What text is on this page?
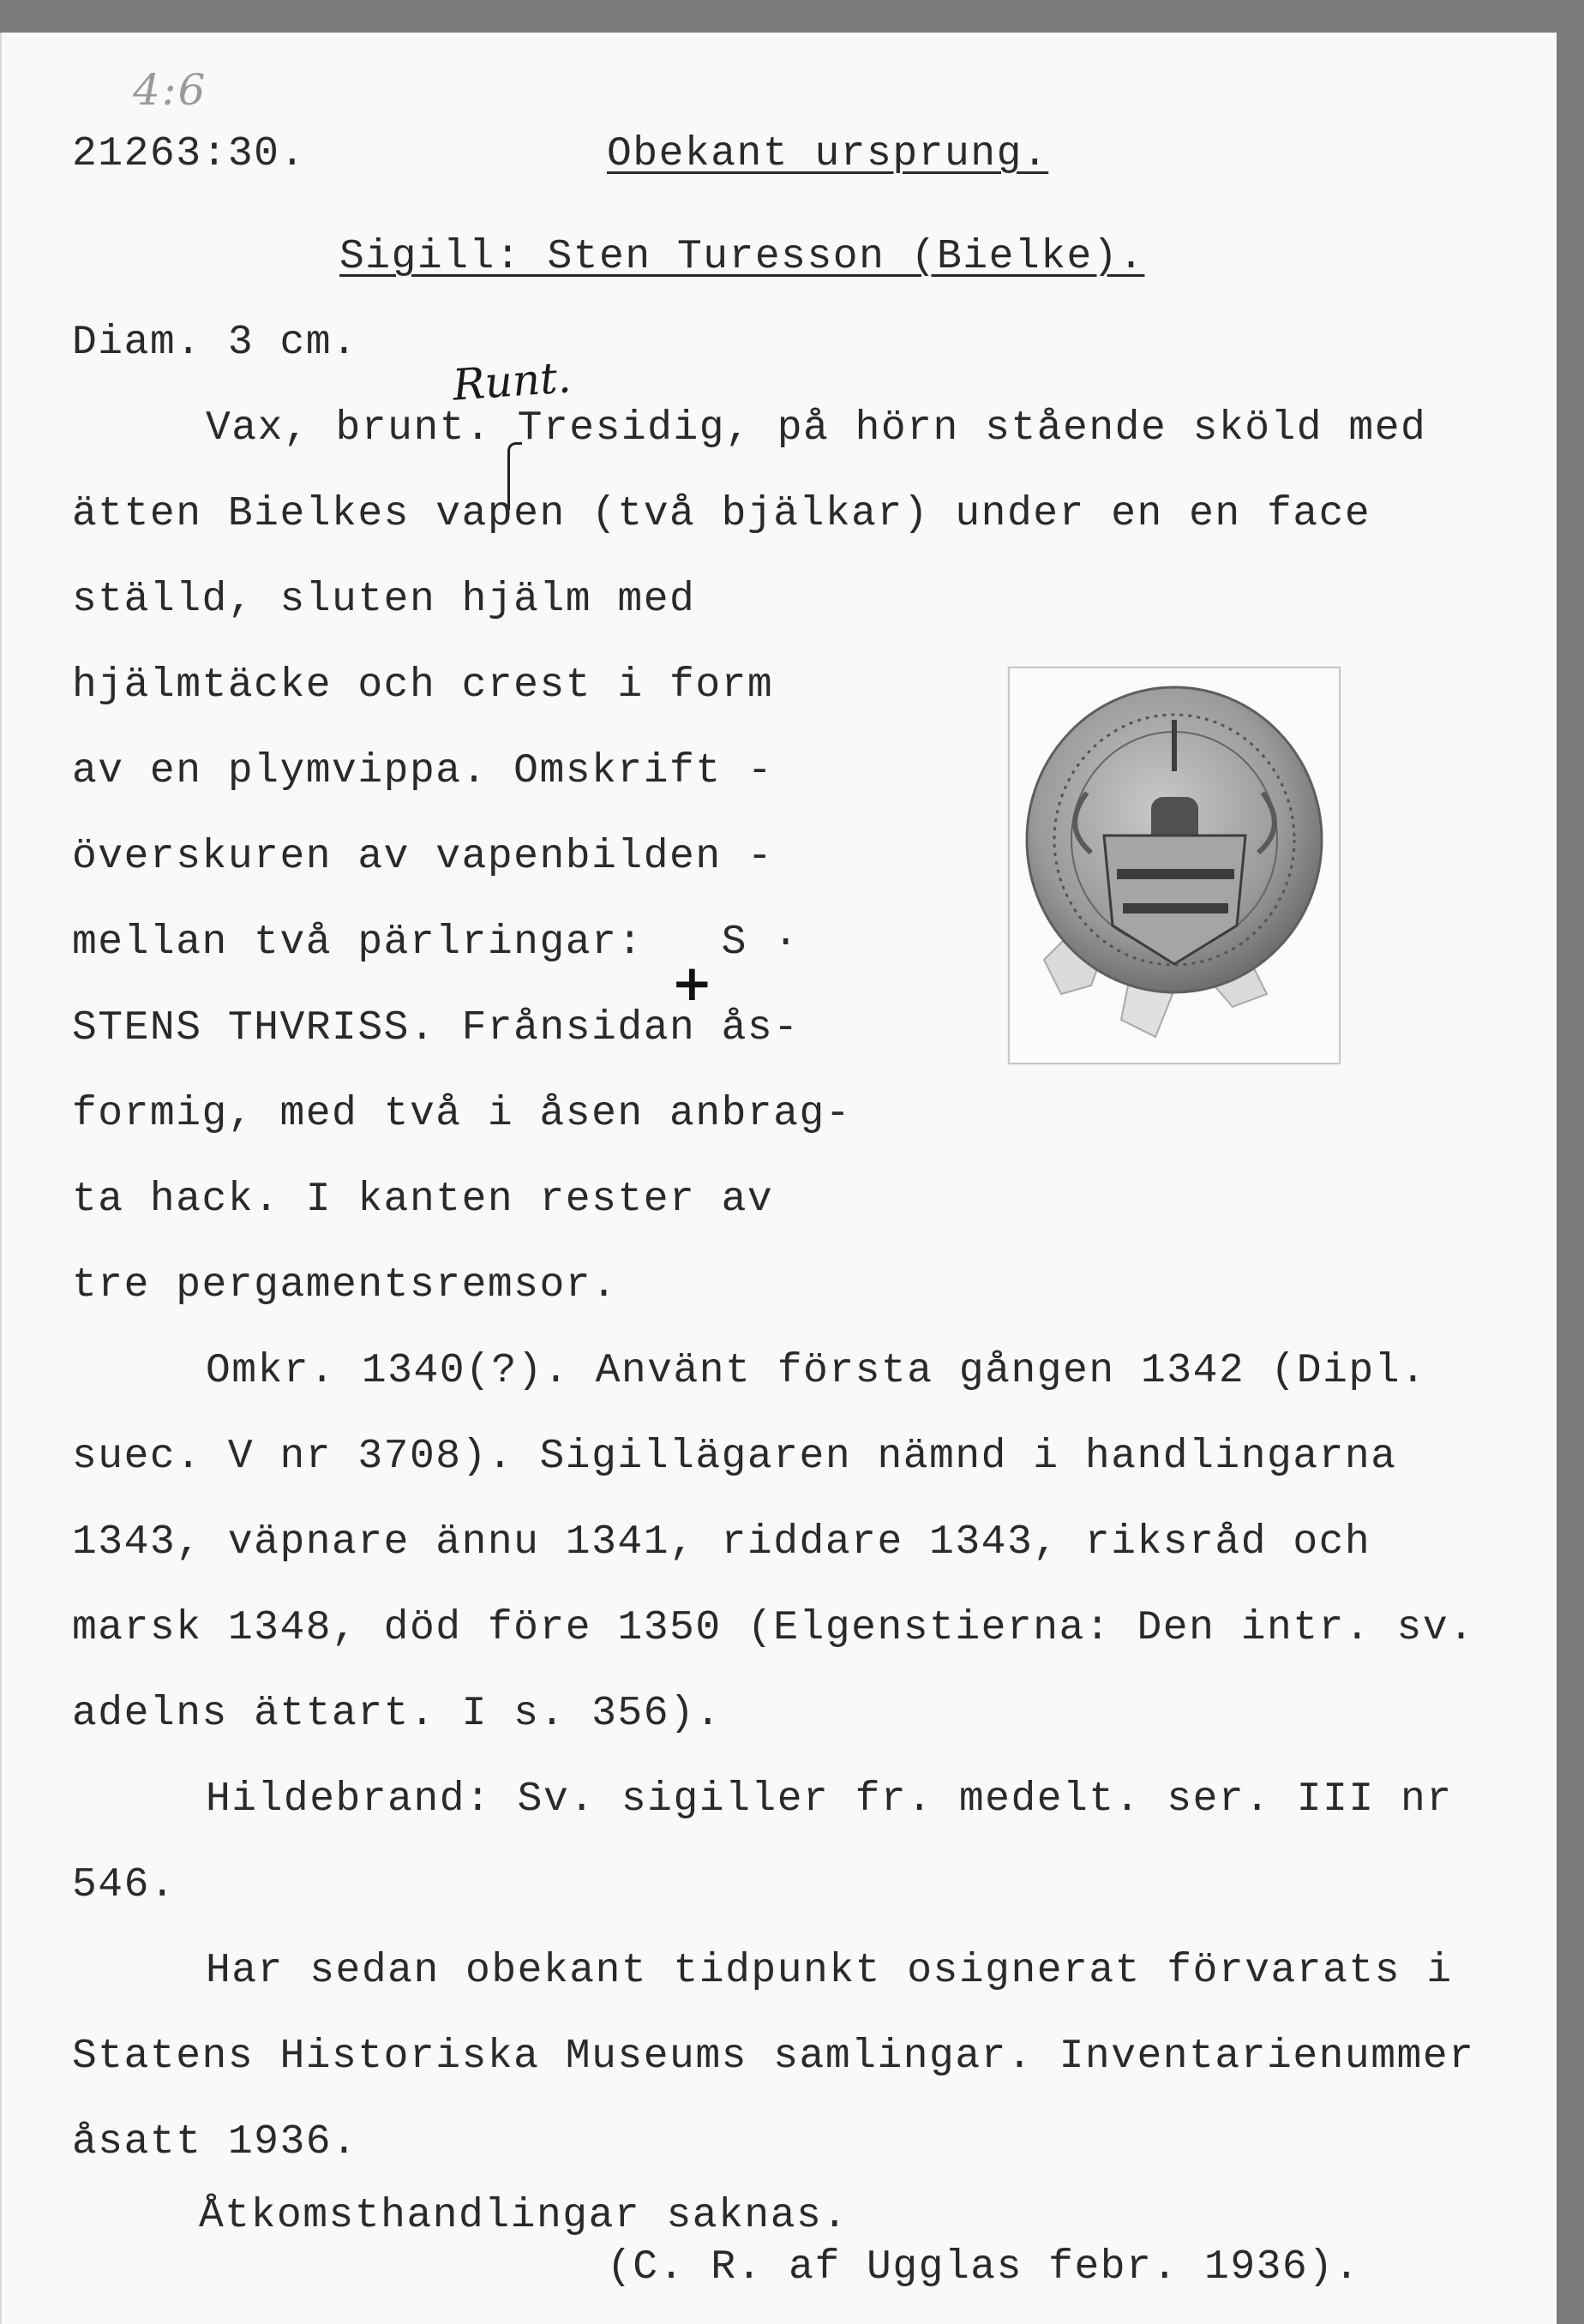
4:6
21263:30.	Obekant ursprung.
Sigill: Sten Turesson (Bielke).
Diam. 3 cm.
Runt.
Vax, brunt. Tresidig, på hörn stående sköld med
ätten Bielkes vapen (två bjälkar) under en en face
ställd, sluten hjälm med
hjälmtäcke och crest i form
av en plymvippa. Omskrift -
överskuren av vapenbilden -
mellan två pärlringar:   S ·
+
STENS THVRISS. Frånsidan ås-
formig, med två i åsen anbrag-
ta hack. I kanten rester av
tre pergamentsremsor.
Omkr. 1340(?). Använt första gången 1342 (Dipl.
suec. V nr 3708). Sigillägaren nämnd i handlingarna
1343, väpnare ännu 1341, riddare 1343, riksråd och
marsk 1348, död före 1350 (Elgenstierna: Den intr. sv.
adelns ättart. I s. 356).
Hildebrand: Sv. sigiller fr. medelt. ser. III nr
546.
Har sedan obekant tidpunkt osignerat förvarats i
Statens Historiska Museums samlingar. Inventarienummer
åsatt 1936.
Åtkomsthandlingar saknas.
(C. R. af Ugglas febr. 1936).
